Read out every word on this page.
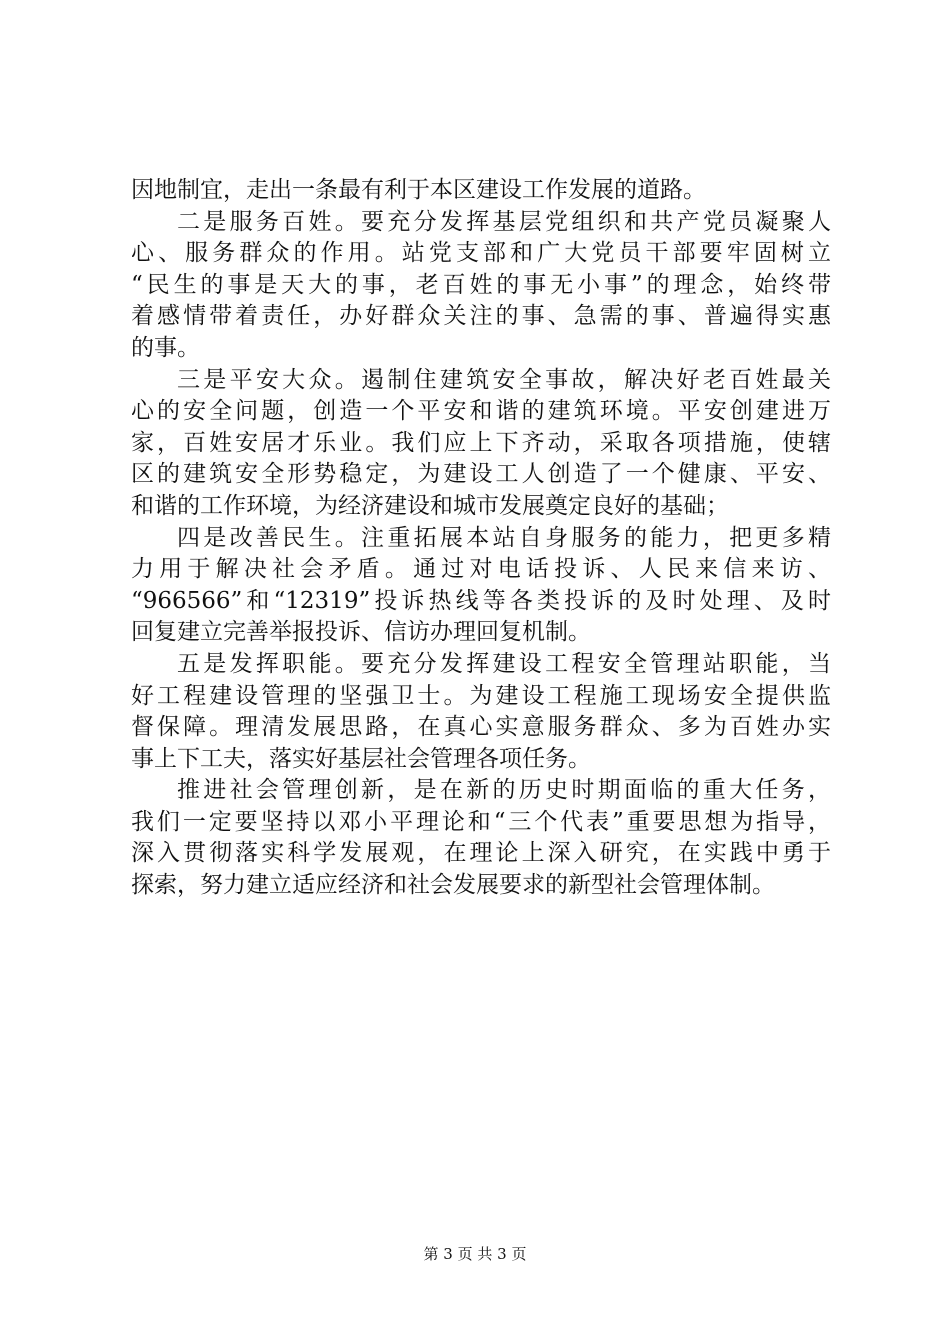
因地制宜，走出一条最有利于本区建设工作发展的道路。
二是服务百姓。要充分发挥基层党组织和共产党员凝聚人
心、服务群众的作用。站党支部和广大党员干部要牢固树立
“民生的事是天大的事，老百姓的事无小事”的理念，始终带
着感情带着责任，办好群众关注的事、急需的事、普遍得实惠
的事。
三是平安大众。遏制住建筑安全事故，解决好老百姓最关
心的安全问题，创造一个平安和谐的建筑环境。平安创建进万
家，百姓安居才乐业。我们应上下齐动，采取各项措施，使辖
区的建筑安全形势稳定，为建设工人创造了一个健康、平安、
和谐的工作环境，为经济建设和城市发展奠定良好的基础；
四是改善民生。注重拓展本站自身服务的能力，把更多精
力用于解决社会矛盾。通过对电话投诉、人民来信来访、
“966566”和“12319”投诉热线等各类投诉的及时处理、及时
回复建立完善举报投诉、信访办理回复机制。
五是发挥职能。要充分发挥建设工程安全管理站职能，当
好工程建设管理的坚强卫士。为建设工程施工现场安全提供监
督保障。理清发展思路，在真心实意服务群众、多为百姓办实
事上下工夫，落实好基层社会管理各项任务。
推进社会管理创新，是在新的历史时期面临的重大任务，
我们一定要坚持以邓小平理论和“三个代表”重要思想为指导，
深入贯彻落实科学发展观，在理论上深入研究，在实践中勇于
探索，努力建立适应经济和社会发展要求的新型社会管理体制。
第 3 页 共 3 页
